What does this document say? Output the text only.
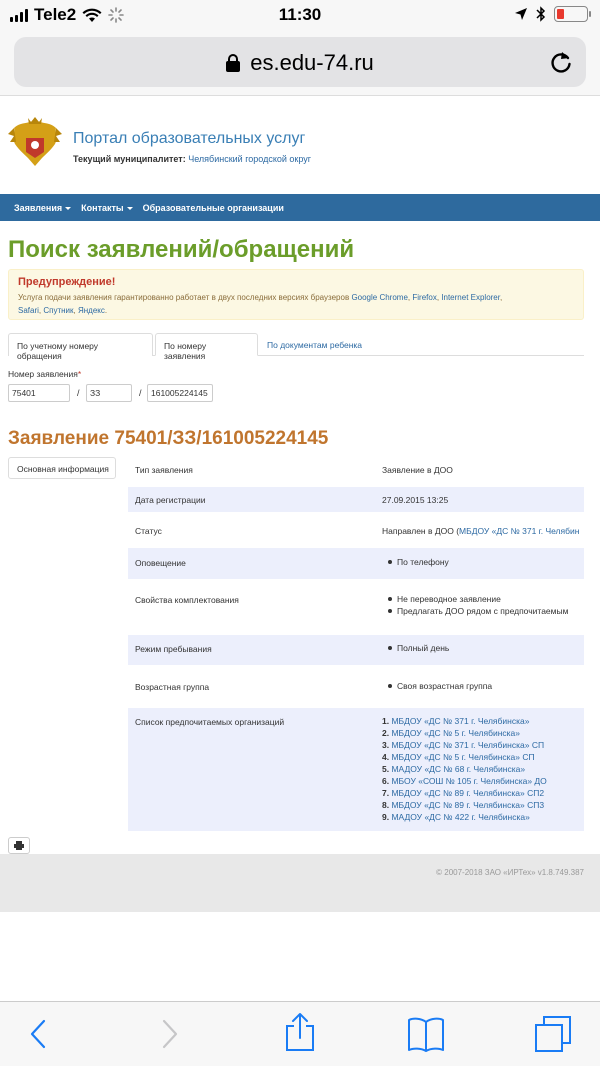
Tele2	11:30
es.edu-74.ru
Портал образовательных услуг
Текущий муниципалитет: Челябинский городской округ
Заявления	Контакты	Образовательные организации
Поиск заявлений/обращений
Предупреждение!
Услуга подачи заявления гарантированно работает в двух последних версиях браузеров Google Chrome, Firefox, Internet Explorer,
Safari, Спутник, Яндекс.
По учетному номеру обращения
По номеру заявления
По документам ребенка
Номер заявления*
75401	/	ЗЗ	/	161005224145
Заявление 75401/ЗЗ/161005224145
Основная информация	Тип заявления	Заявление в ДОО
Дата регистрации	27.09.2015 13:25
Статус	Направлен в ДОО (МБДОУ «ДС № 371 г. Челябин
Оповещение	По телефону
Свойства комплектования	Не переводное заявление
Предлагать ДОО рядом с предпочитаемым
Режим пребывания	Полный день
Возрастная группа	Своя возрастная группа
Список предпочитаемых организаций	1. МБДОУ «ДС № 371 г. Челябинска»
2. МБДОУ «ДС № 5 г. Челябинска»
3. МБДОУ «ДС № 371 г. Челябинска» СП
4. МБДОУ «ДС № 5 г. Челябинска» СП
5. МАДОУ «ДС № 68 г. Челябинска»
6. МБОУ «СОШ № 105 г. Челябинска» ДО
7. МБДОУ «ДС № 89 г. Челябинска» СП2
8. МБДОУ «ДС № 89 г. Челябинска» СП3
9. МАДОУ «ДС № 422 г. Челябинска»
© 2007-2018 ЗАО «ИРТех» v1.8.749.387
